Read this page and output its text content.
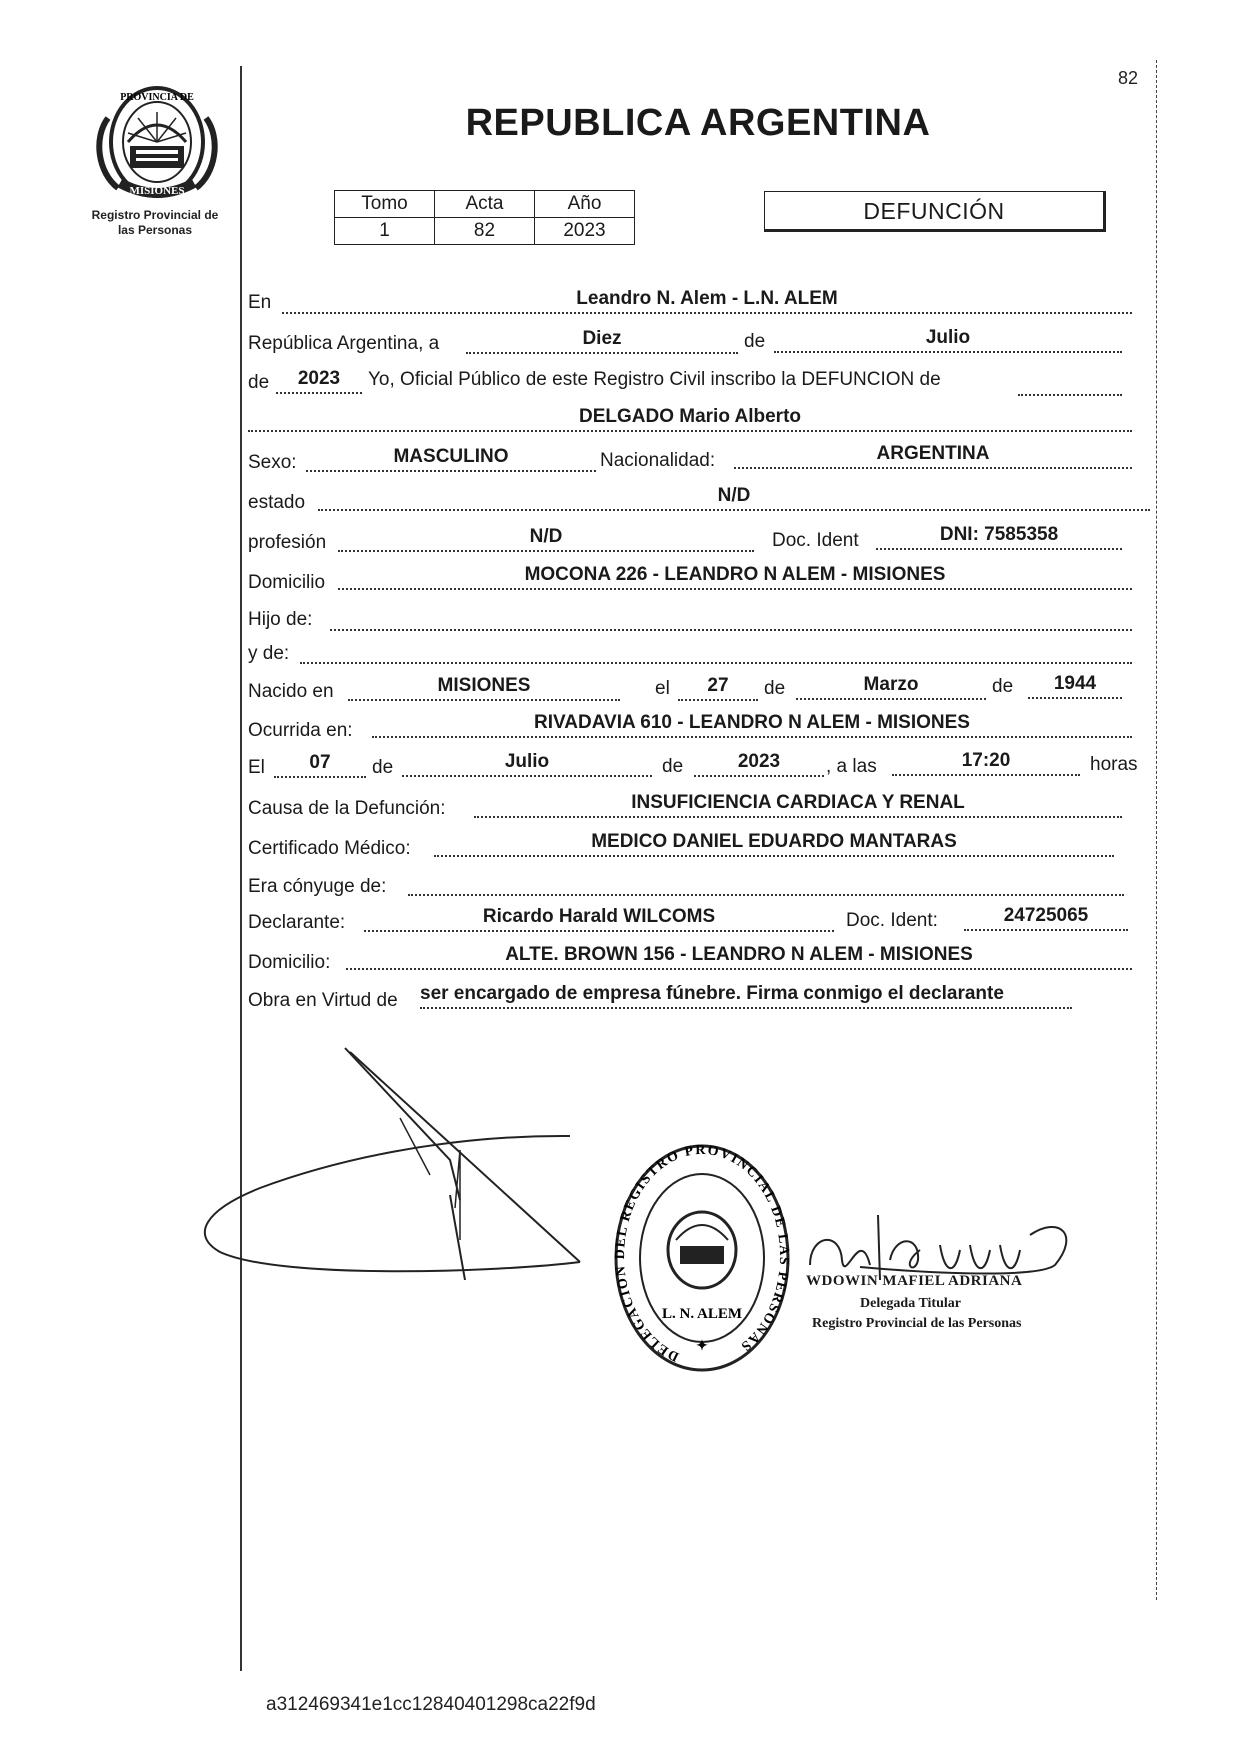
PROVINCIA DE
MISIONES
Registro Provincial de
las Personas
82
REPUBLICA ARGENTINA
Tomo	Acta	Año
1	82	2023
DEFUNCIÓN
En	Leandro N. Alem - L.N. ALEM
República Argentina, a	Diez	de	Julio
de	2023	Yo, Oficial Público de este Registro Civil inscribo la DEFUNCION de
DELGADO Mario Alberto
Sexo:	MASCULINO	Nacionalidad:	ARGENTINA
estado	N/D
profesión	N/D	Doc. Ident	DNI: 7585358
Domicilio	MOCONA 226 - LEANDRO N ALEM - MISIONES
Hijo de:
y de:
Nacido en	MISIONES	el	27	de	Marzo	de	1944
Ocurrida en:	RIVADAVIA 610 - LEANDRO N ALEM - MISIONES
El	07	de	Julio	de	2023	, a las	17:20	horas
Causa de la Defunción:	INSUFICIENCIA CARDIACA Y RENAL
Certificado Médico:	MEDICO DANIEL EDUARDO MANTARAS
Era cónyuge de:
Declarante:	Ricardo Harald WILCOMS	Doc. Ident:	24725065
Domicilio:	ALTE. BROWN 156 - LEANDRO N ALEM - MISIONES
Obra en Virtud de ser encargado de empresa fúnebre. Firma conmigo el declarante
DELEGACION DEL REGISTRO PROVINCIAL DE LAS PERSONAS
L. N. ALEM
✦
WDOWIN MAFIEL ADRIANA
Delegada Titular
Registro Provincial de las Personas
a312469341e1cc12840401298ca22f9d
